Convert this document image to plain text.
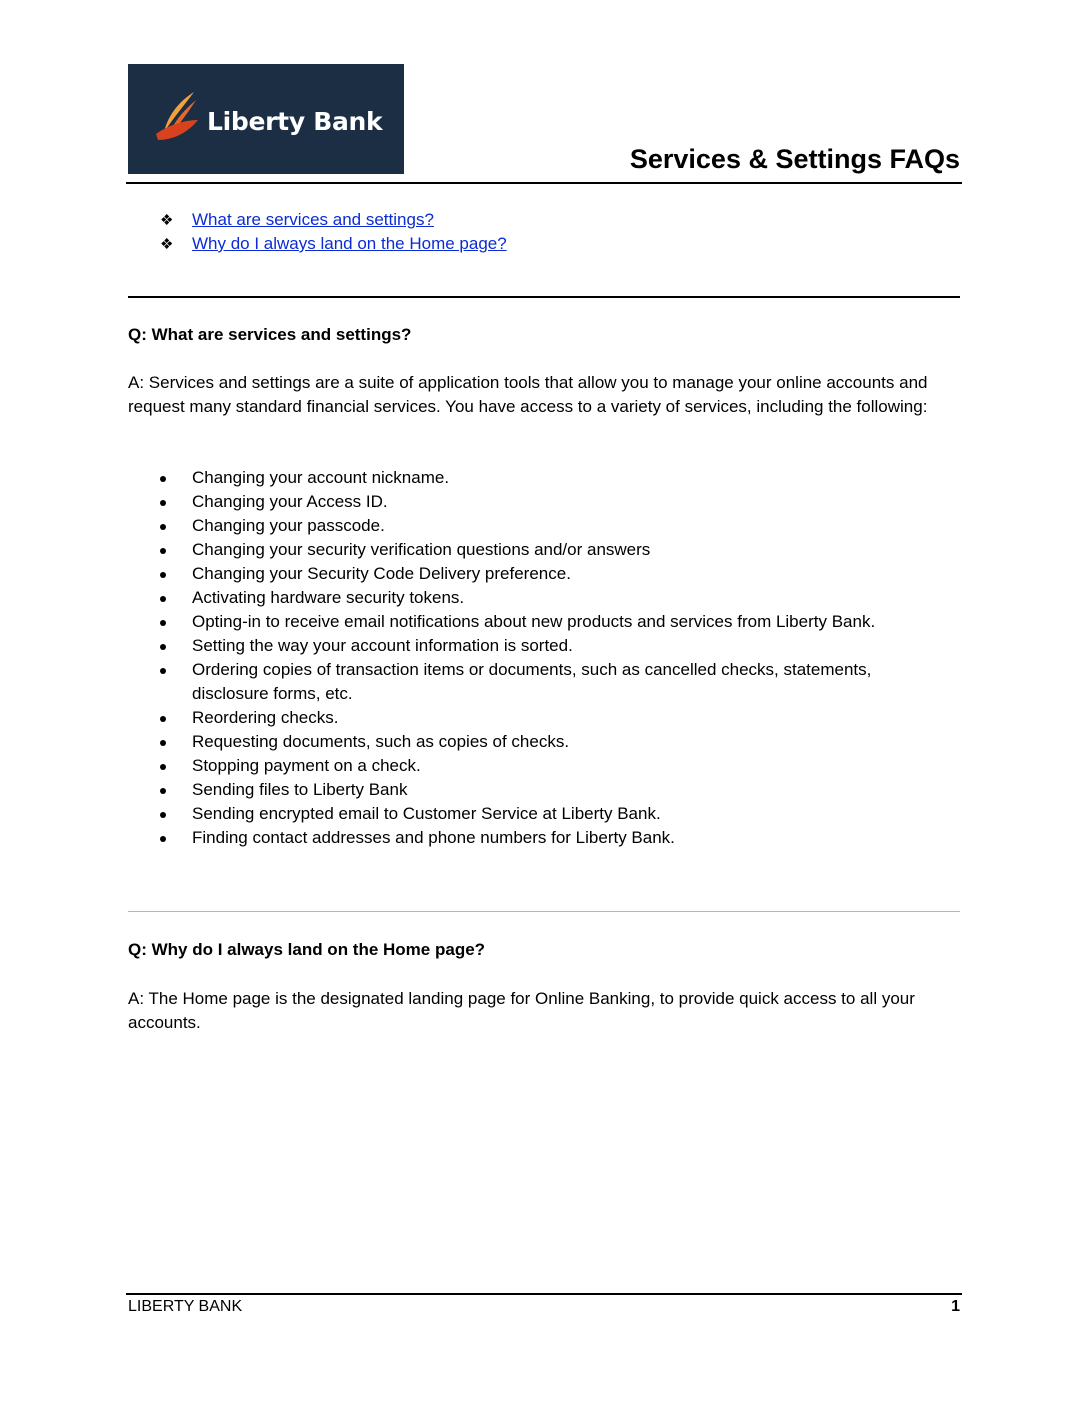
Liberty Bank
Services & Settings FAQs
❖ What are services and settings?
❖ Why do I always land on the Home page?
Q: What are services and settings?

A: Services and settings are a suite of application tools that allow you to manage your online accounts and request many standard financial services. You have access to a variety of services, including the following:

Changing your account nickname.
Changing your Access ID.
Changing your passcode.
Changing your security verification questions and/or answers
Changing your Security Code Delivery preference.
Activating hardware security tokens.
Opting-in to receive email notifications about new products and services from Liberty Bank.
Setting the way your account information is sorted.
Ordering copies of transaction items or documents, such as cancelled checks, statements, disclosure forms, etc.
Reordering checks.
Requesting documents, such as copies of checks.
Stopping payment on a check.
Sending files to Liberty Bank
Sending encrypted email to Customer Service at Liberty Bank.
Finding contact addresses and phone numbers for Liberty Bank.
Q: Why do I always land on the Home page?

A: The Home page is the designated landing page for Online Banking, to provide quick access to all your accounts.

LIBERTY BANK	1
